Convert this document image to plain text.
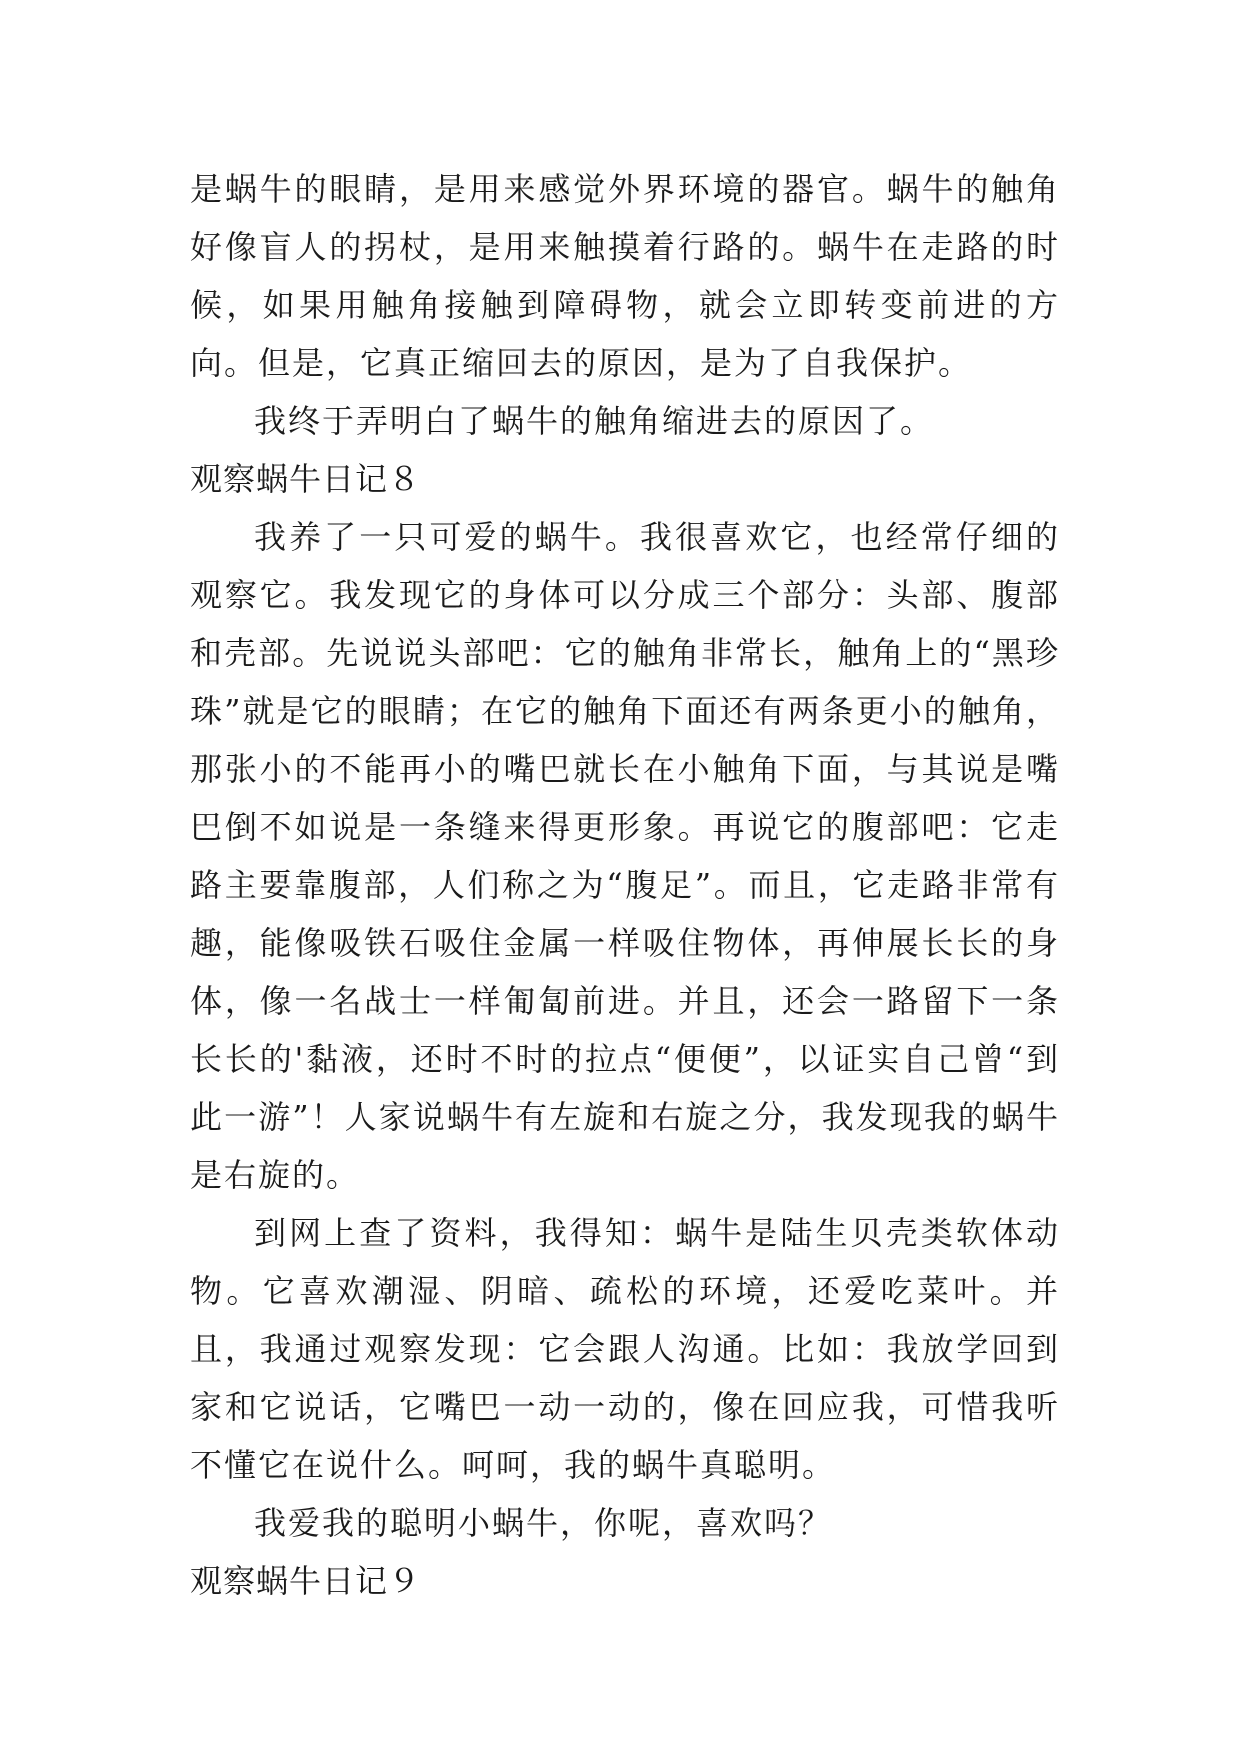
是蜗牛的眼睛，是用来感觉外界环境的器官。蜗牛的触角好像盲人的拐杖，是用来触摸着行路的。蜗牛在走路的时候，如果用触角接触到障碍物，就会立即转变前进的方向。但是，它真正缩回去的原因，是为了自我保护。

我终于弄明白了蜗牛的触角缩进去的原因了。

观察蜗牛日记８

我养了一只可爱的蜗牛。我很喜欢它，也经常仔细的观察它。我发现它的身体可以分成三个部分：头部、腹部和壳部。先说说头部吧：它的触角非常长，触角上的“黑珍珠”就是它的眼睛；在它的触角下面还有两条更小的触角，那张小的不能再小的嘴巴就长在小触角下面，与其说是嘴巴倒不如说是一条缝来得更形象。再说它的腹部吧：它走路主要靠腹部，人们称之为“腹足”。而且，它走路非常有趣，能像吸铁石吸住金属一样吸住物体，再伸展长长的身体，像一名战士一样匍匐前进。并且，还会一路留下一条长长的'黏液，还时不时的拉点“便便”，以证实自己曾“到此一游”！人家说蜗牛有左旋和右旋之分，我发现我的蜗牛是右旋的。

到网上查了资料，我得知：蜗牛是陆生贝壳类软体动物。它喜欢潮湿、阴暗、疏松的环境，还爱吃菜叶。并且，我通过观察发现：它会跟人沟通。比如：我放学回到家和它说话，它嘴巴一动一动的，像在回应我，可惜我听不懂它在说什么。呵呵，我的蜗牛真聪明。

我爱我的聪明小蜗牛，你呢，喜欢吗？

观察蜗牛日记９
